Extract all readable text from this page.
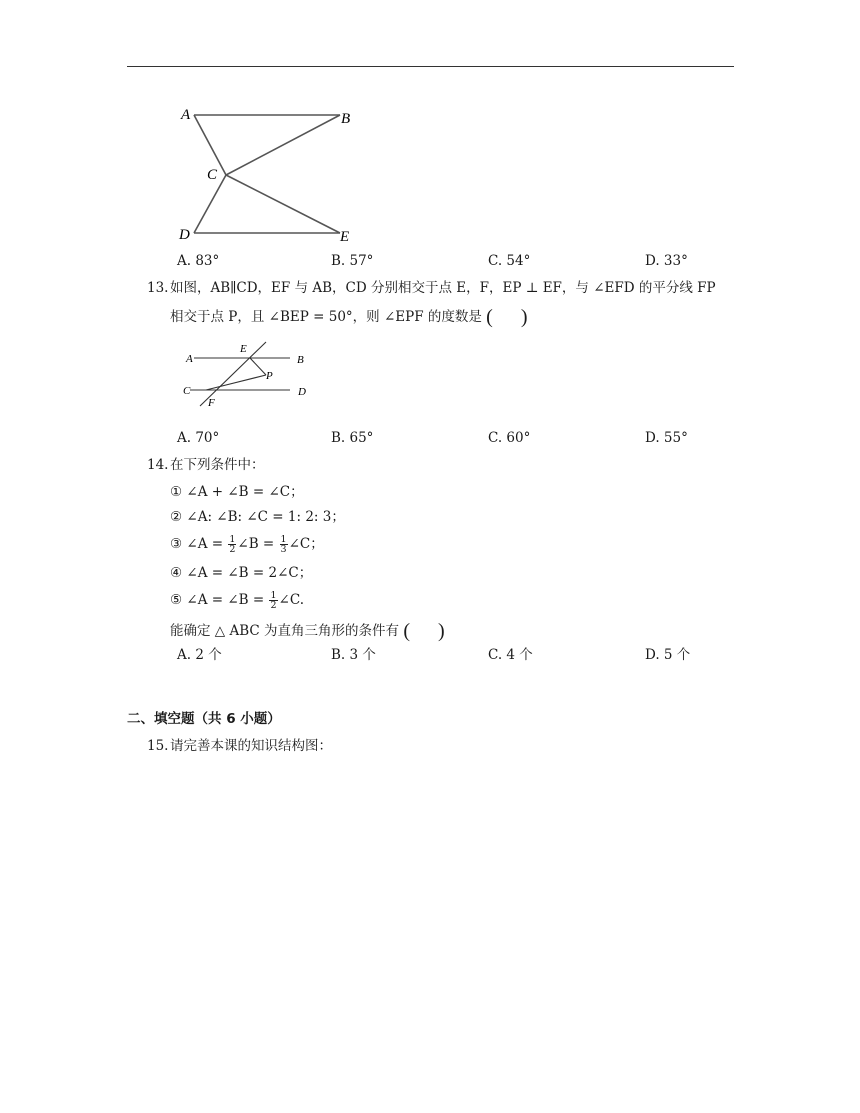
A	B
C
D	E
A. 83°	B. 57°	C. 54°	D. 33°
13. 如图，AB∥CD，EF 与 AB，CD 分别相交于点 E，F，EP ⊥ EF，与 ∠EFD 的平分线 FP
相交于点 P，且 ∠BEP = 50°，则 ∠EPF 的度数是 ( )
A	B
C	D
E
F
P
A. 70°	B. 65°	C. 60°	D. 55°
14. 在下列条件中：
① ∠A + ∠B = ∠C；
② ∠A: ∠B: ∠C = 1: 2: 3；
③ ∠A = $\frac{1}{2}$ ∠B = $\frac{1}{3}$ ∠C；
④ ∠A = ∠B = 2∠C；
⑤ ∠A = ∠B = $\frac{1}{2}$ ∠C.
能确定 △ ABC 为直角三角形的条件有 ( )
A. 2 个	B. 3 个	C. 4 个	D. 5 个
二、填空题（共 6 小题）
15. 请完善本课的知识结构图：
